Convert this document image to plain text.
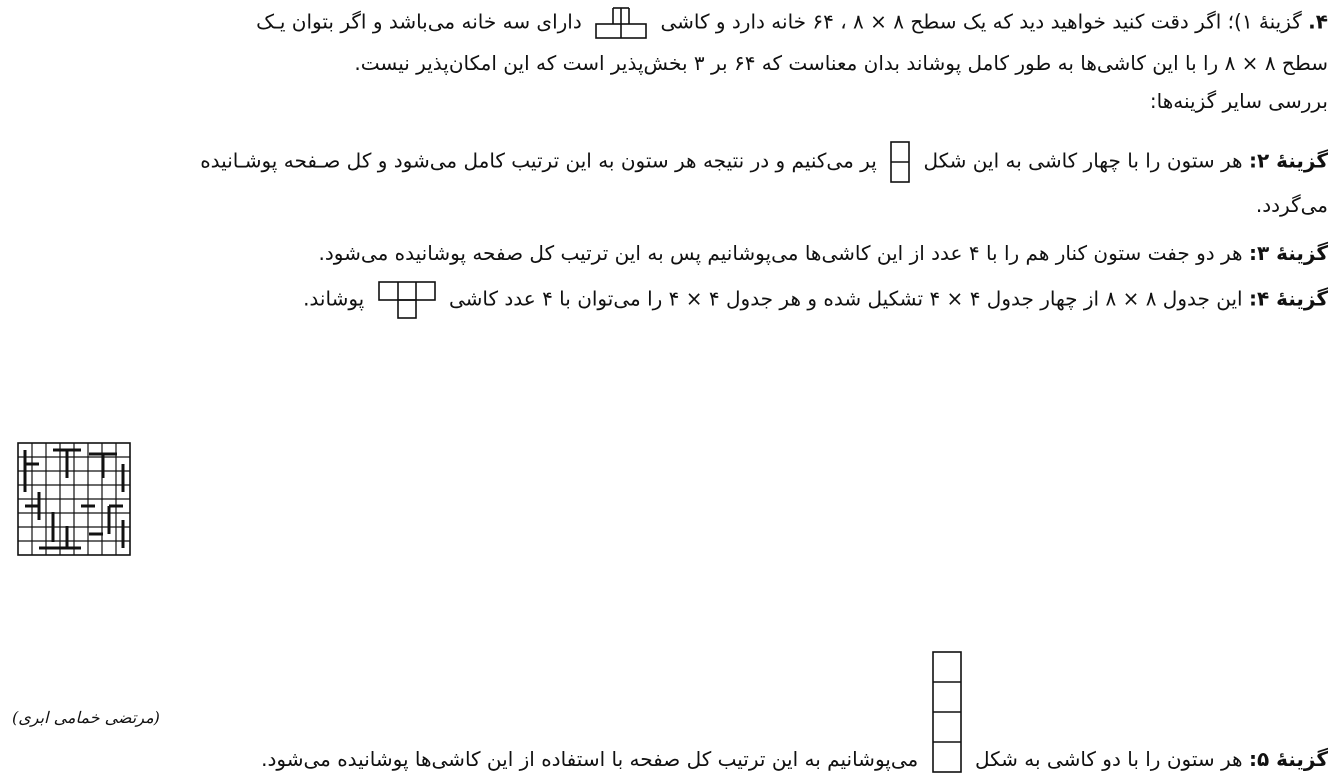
۴. گزینهٔ ۱)؛ اگر دقت کنید خواهید دید که یک سطح ۸ × ۸ ، ۶۴ خانه دارد و کاشی
دارای سه خانه می‌باشد و اگر بتوان یـک
سطح ۸ × ۸ را با این کاشی‌ها به طور کامل پوشاند بدان معناست که ۶۴ بر ۳ بخش‌پذیر است که این امکان‌پذیر نیست.
بررسی سایر گزینه‌ها:
گزینهٔ ۲: هر ستون را با چهار کاشی به این شکل
پر می‌کنیم و در نتیجه هر ستون به این ترتیب کامل می‌شود و کل صـفحه پوشـانیده
می‌گردد.
گزینهٔ ۳: هر دو جفت ستون کنار هم را با ۴ عدد از این کاشی‌ها می‌پوشانیم پس به این ترتیب کل صفحه پوشانیده می‌شود.
گزینهٔ ۴: این جدول ۸ × ۸ از چهار جدول ۴ × ۴ تشکیل شده و هر جدول ۴ × ۴ را می‌توان با ۴ عدد کاشی
پوشاند.
گزینهٔ ۵: هر ستون را با دو کاشی به شکل
می‌پوشانیم به این ترتیب کل صفحه با استفاده از این کاشی‌ها پوشانیده می‌شود.
(مرتضی خمامی ابری)
